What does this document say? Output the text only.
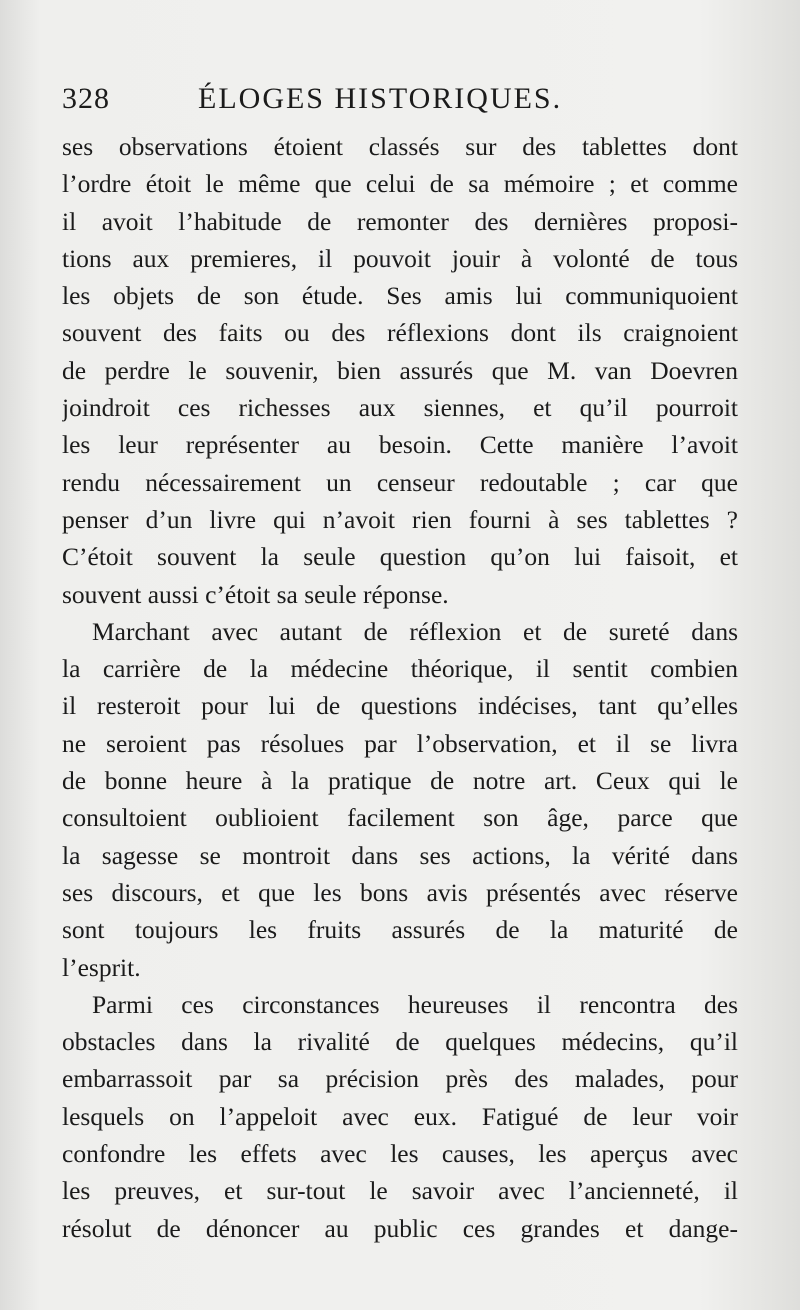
328	ÉLOGES HISTORIQUES.
ses observations étoient classés sur des tablettes dont
l’ordre étoit le même que celui de sa mémoire ; et comme
il avoit l’habitude de remonter des dernières proposi-
tions aux premieres, il pouvoit jouir à volonté de tous
les objets de son étude. Ses amis lui communiquoient
souvent des faits ou des réflexions dont ils craignoient
de perdre le souvenir, bien assurés que M. van Doevren
joindroit ces richesses aux siennes, et qu’il pourroit
les leur représenter au besoin. Cette manière l’avoit
rendu nécessairement un censeur redoutable ; car que
penser d’un livre qui n’avoit rien fourni à ses tablettes ?
C’étoit souvent la seule question qu’on lui faisoit, et
souvent aussi c’étoit sa seule réponse.
Marchant avec autant de réflexion et de sureté dans
la carrière de la médecine théorique, il sentit combien
il resteroit pour lui de questions indécises, tant qu’elles
ne seroient pas résolues par l’observation, et il se livra
de bonne heure à la pratique de notre art. Ceux qui le
consultoient oublioient facilement son âge, parce que
la sagesse se montroit dans ses actions, la vérité dans
ses discours, et que les bons avis présentés avec réserve
sont toujours les fruits assurés de la maturité de
l’esprit.
Parmi ces circonstances heureuses il rencontra des
obstacles dans la rivalité de quelques médecins, qu’il
embarrassoit par sa précision près des malades, pour
lesquels on l’appeloit avec eux. Fatigué de leur voir
confondre les effets avec les causes, les aperçus avec
les preuves, et sur-tout le savoir avec l’ancienneté, il
résolut de dénoncer au public ces grandes et dange-
